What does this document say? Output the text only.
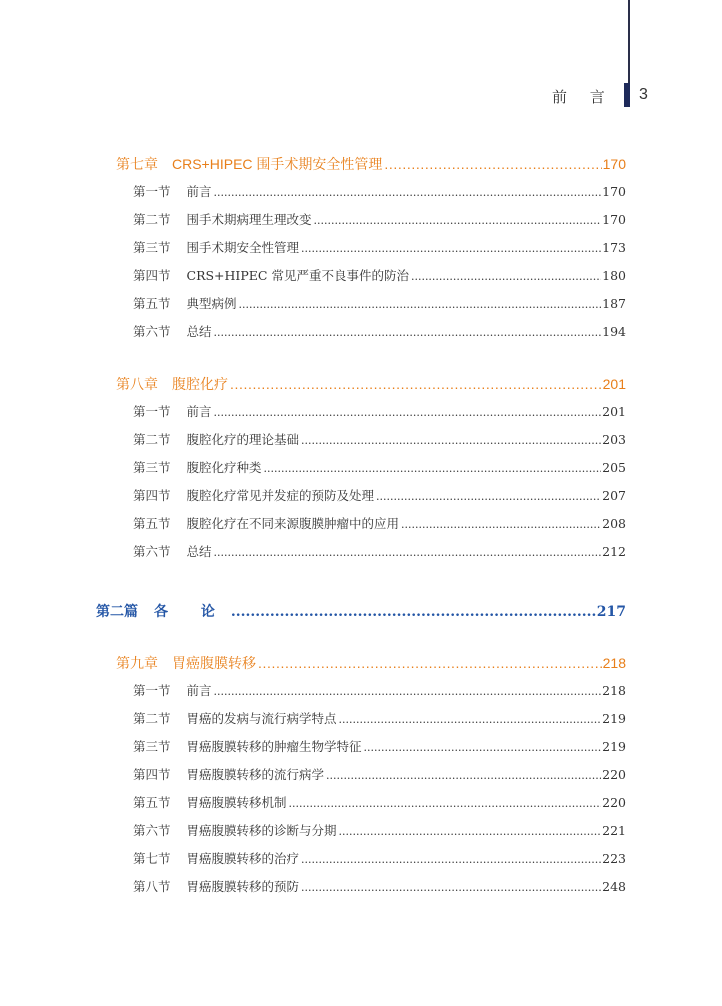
前 言 3
第七章 CRS+HIPEC 围手术期安全性管理 .....	170
第一节 前言 .....	170
第二节 围手术期病理生理改变 .....	170
第三节 围手术期安全性管理 .....	173
第四节 CRS+HIPEC 常见严重不良事件的防治 .....	180
第五节 典型病例 .....	187
第六节 总结 .....	194
第八章 腹腔化疗 .....	201
第一节 前言 .....	201
第二节 腹腔化疗的理论基础 .....	203
第三节 腹腔化疗种类 .....	205
第四节 腹腔化疗常见并发症的预防及处理 .....	207
第五节 腹腔化疗在不同来源腹膜肿瘤中的应用 .....	208
第六节 总结 .....	212
第二篇 各 论 .....	217
第九章 胃癌腹膜转移 .....	218
第一节 前言 .....	218
第二节 胃癌的发病与流行病学特点 .....	219
第三节 胃癌腹膜转移的肿瘤生物学特征 .....	219
第四节 胃癌腹膜转移的流行病学 .....	220
第五节 胃癌腹膜转移机制 .....	220
第六节 胃癌腹膜转移的诊断与分期 .....	221
第七节 胃癌腹膜转移的治疗 .....	223
第八节 胃癌腹膜转移的预防 .....	248
